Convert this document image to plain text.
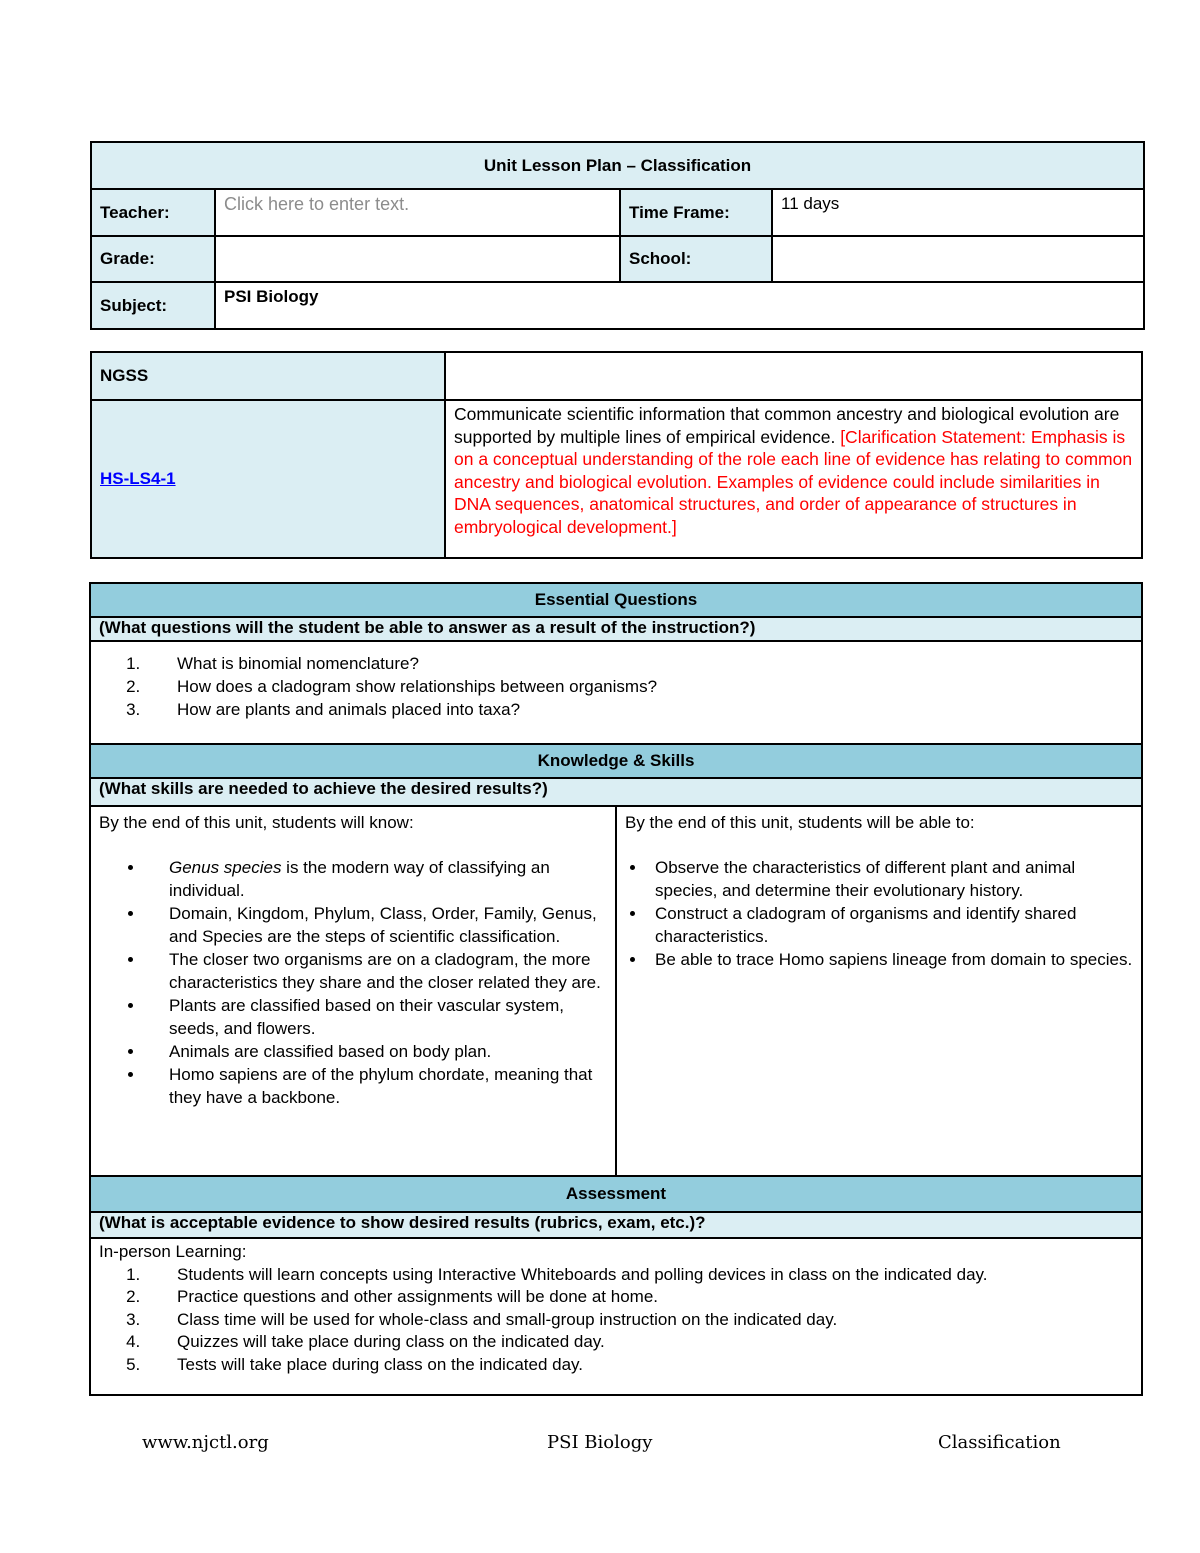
Unit Lesson Plan – Classification			
Teacher:	Click here to enter text.	Time Frame:	11 days
Grade:		School:	
Subject:	PSI Biology		
NGSS	
HS-LS4-1	Communicate scientific information that common ancestry and biological evolution are supported by multiple lines of empirical evidence. [Clarification Statement: Emphasis is on a conceptual understanding of the role each line of evidence has relating to common ancestry and biological evolution. Examples of evidence could include similarities in DNA sequences, anatomical structures, and order of appearance of structures in embryological development.]
Essential Questions
(What questions will the student be able to answer as a result of the instruction?)

1. What is binomial nomenclature?
2. How does a cladogram show relationships between organisms?
3. How are plants and animals placed into taxa?

Knowledge & Skills
(What skills are needed to achieve the desired results?)

By the end of this unit, students will know:
• Genus species is the modern way of classifying an individual.
• Domain, Kingdom, Phylum, Class, Order, Family, Genus, and Species are the steps of scientific classification.
• The closer two organisms are on a cladogram, the more characteristics they share and the closer related they are.
• Plants are classified based on their vascular system, seeds, and flowers.
• Animals are classified based on body plan.
• Homo sapiens are of the phylum chordate, meaning that they have a backbone.

By the end of this unit, students will be able to:
• Observe the characteristics of different plant and animal species, and determine their evolutionary history.
• Construct a cladogram of organisms and identify shared characteristics.
• Be able to trace Homo sapiens lineage from domain to species.

Assessment
(What is acceptable evidence to show desired results (rubrics, exam, etc.)?

In-person Learning:
1. Students will learn concepts using Interactive Whiteboards and polling devices in class on the indicated day.
2. Practice questions and other assignments will be done at home.
3. Class time will be used for whole-class and small-group instruction on the indicated day.
4. Quizzes will take place during class on the indicated day.
5. Tests will take place during class on the indicated day.
www.njctl.org	PSI Biology	Classification
